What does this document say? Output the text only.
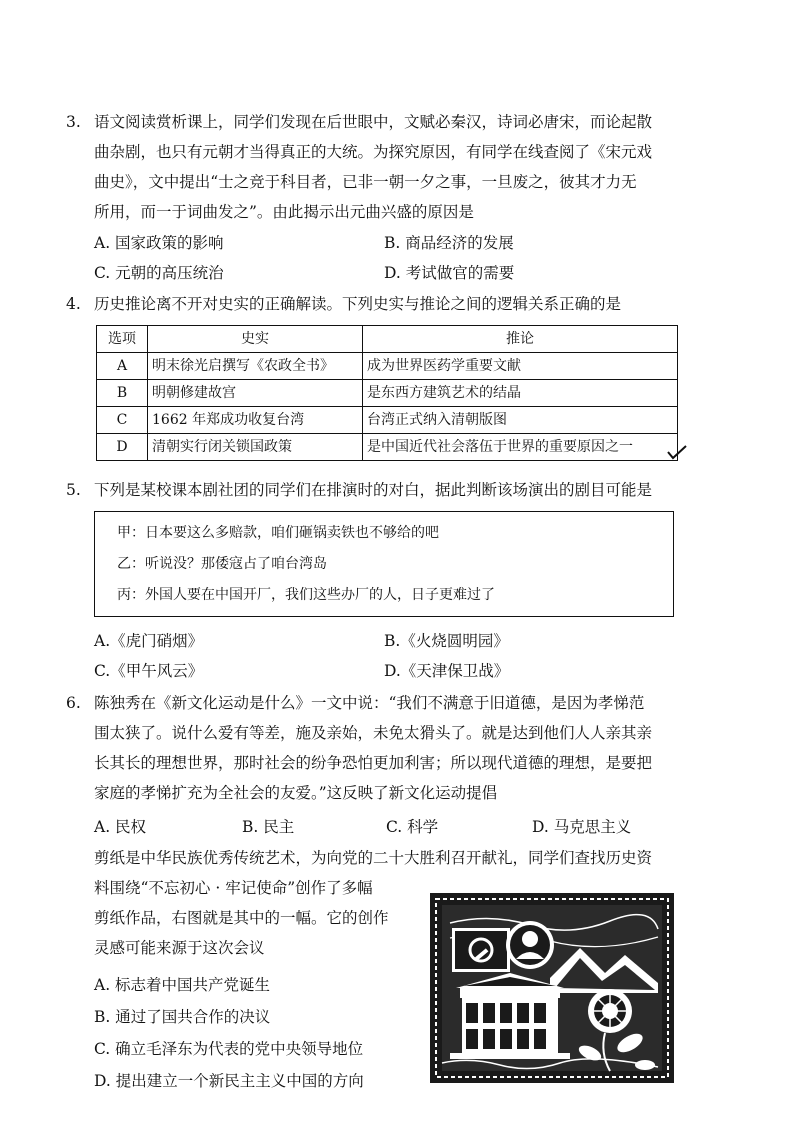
3. 语文阅读赏析课上，同学们发现在后世眼中，文赋必秦汉，诗词必唐宋，而论起散
曲杂剧，也只有元朝才当得真正的大统。为探究原因，有同学在线查阅了《宋元戏
曲史》，文中提出“士之竞于科目者，已非一朝一夕之事，一旦废之，彼其才力无
所用，而一于词曲发之”。由此揭示出元曲兴盛的原因是
A. 国家政策的影响	B. 商品经济的发展
C. 元朝的高压统治	D. 考试做官的需要
4. 历史推论离不开对史实的正确解读。下列史实与推论之间的逻辑关系正确的是
选项	史实	推论
A	明末徐光启撰写《农政全书》	成为世界医药学重要文献
B	明朝修建故宫	是东西方建筑艺术的结晶
C	1662 年郑成功收复台湾	台湾正式纳入清朝版图
D	清朝实行闭关锁国政策	是中国近代社会落伍于世界的重要原因之一
5. 下列是某校课本剧社团的同学们在排演时的对白，据此判断该场演出的剧目可能是
甲：日本要这么多赔款，咱们砸锅卖铁也不够给的吧
乙：听说没？那倭寇占了咱台湾岛
丙：外国人要在中国开厂，我们这些办厂的人，日子更难过了
A.《虎门硝烟》	B.《火烧圆明园》
C.《甲午风云》	D.《天津保卫战》
6. 陈独秀在《新文化运动是什么》一文中说：“我们不满意于旧道德，是因为孝悌范
围太狭了。说什么爱有等差，施及亲始，未免太猾头了。就是达到他们人人亲其亲
长其长的理想世界，那时社会的纷争恐怕更加利害；所以现代道德的理想，是要把
家庭的孝悌扩充为全社会的友爱。”这反映了新文化运动提倡
A. 民权	B. 民主	C. 科学	D. 马克思主义
剪纸是中华民族优秀传统艺术，为向党的二十大胜利召开献礼，同学们查找历史资
料围绕“不忘初心 · 牢记使命”创作了多幅
剪纸作品，右图就是其中的一幅。它的创作
灵感可能来源于这次会议
A. 标志着中国共产党诞生
B. 通过了国共合作的决议
C. 确立毛泽东为代表的党中央领导地位
D. 提出建立一个新民主主义中国的方向
